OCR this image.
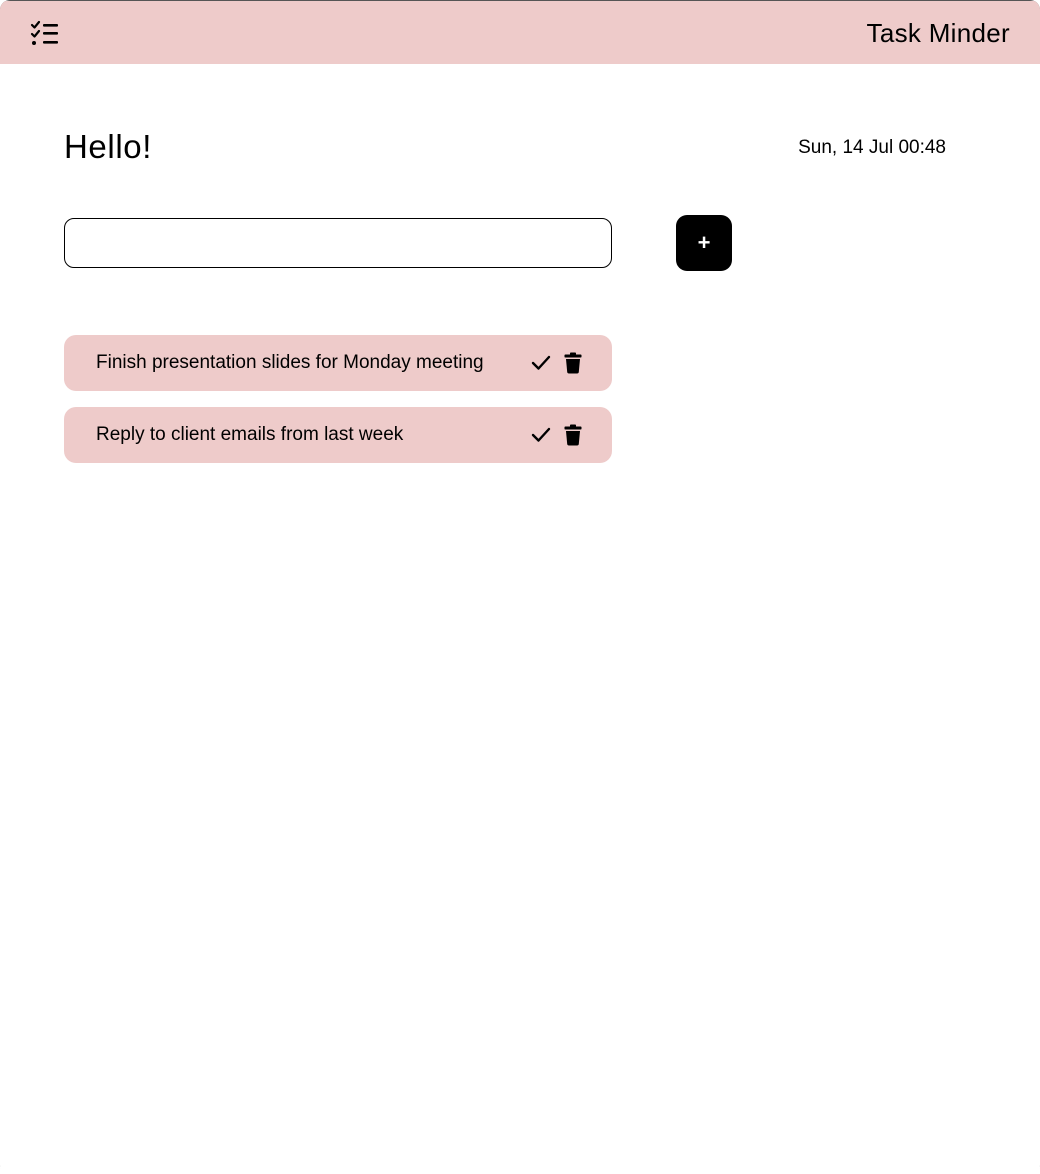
Task Minder
Hello!	Sun, 14 Jul 00:48
+
Finish presentation slides for Monday meeting
Reply to client emails from last week
